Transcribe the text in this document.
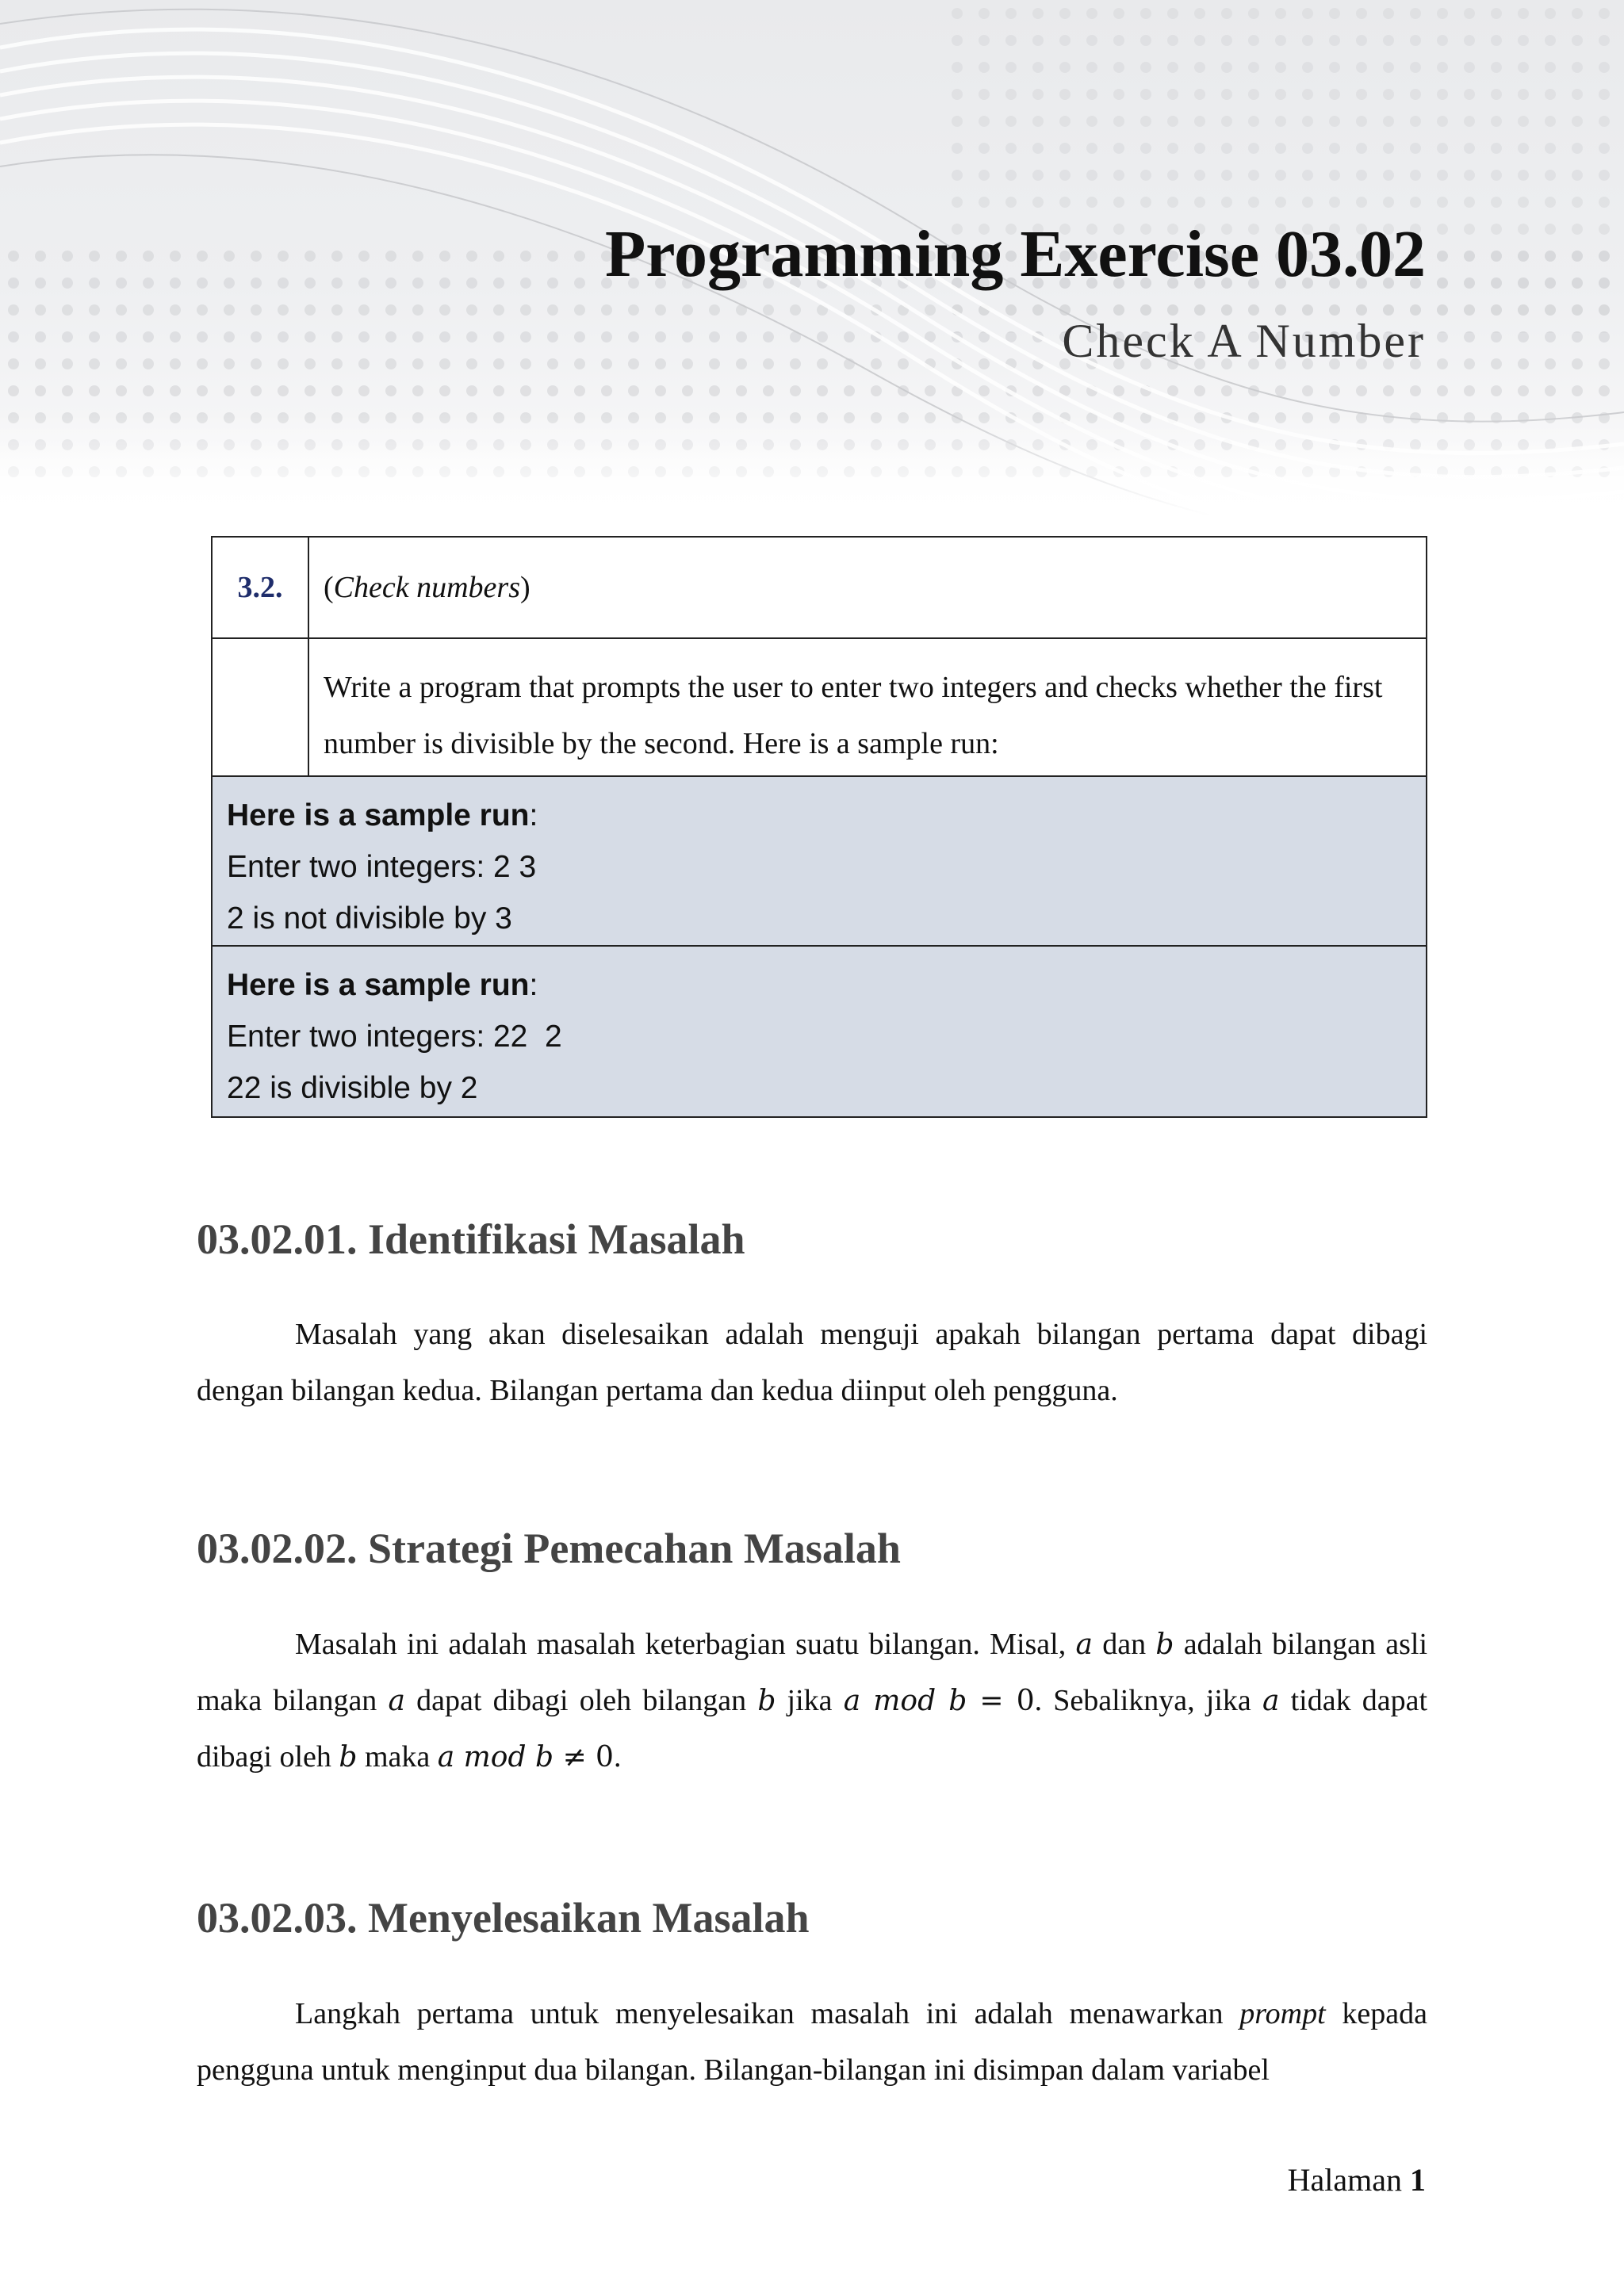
Programming Exercise 03.02
Check A Number
3.2.	( Check numbers )
Write a program that prompts the user to enter two integers and checks whether the first number is divisible by the second. Here is a sample run:
Here is a sample run:
Enter two integers: 2 3
2 is not divisible by 3
Here is a sample run:
Enter two integers: 22  2
22 is divisible by 2
03.02.01. Identifikasi Masalah

Masalah yang akan diselesaikan adalah menguji apakah bilangan pertama dapat dibagi dengan bilangan kedua. Bilangan pertama dan kedua diinput oleh pengguna.

03.02.02. Strategi Pemecahan Masalah

Masalah ini adalah masalah keterbagian suatu bilangan. Misal, a dan b adalah bilangan asli maka bilangan a dapat dibagi oleh bilangan b jika a mod b = 0. Sebaliknya, jika a tidak dapat dibagi oleh b maka a mod b ≠ 0.

03.02.03. Menyelesaikan Masalah

Langkah pertama untuk menyelesaikan masalah ini adalah menawarkan prompt kepada pengguna untuk menginput dua bilangan. Bilangan-bilangan ini disimpan dalam variabel

Halaman 1
